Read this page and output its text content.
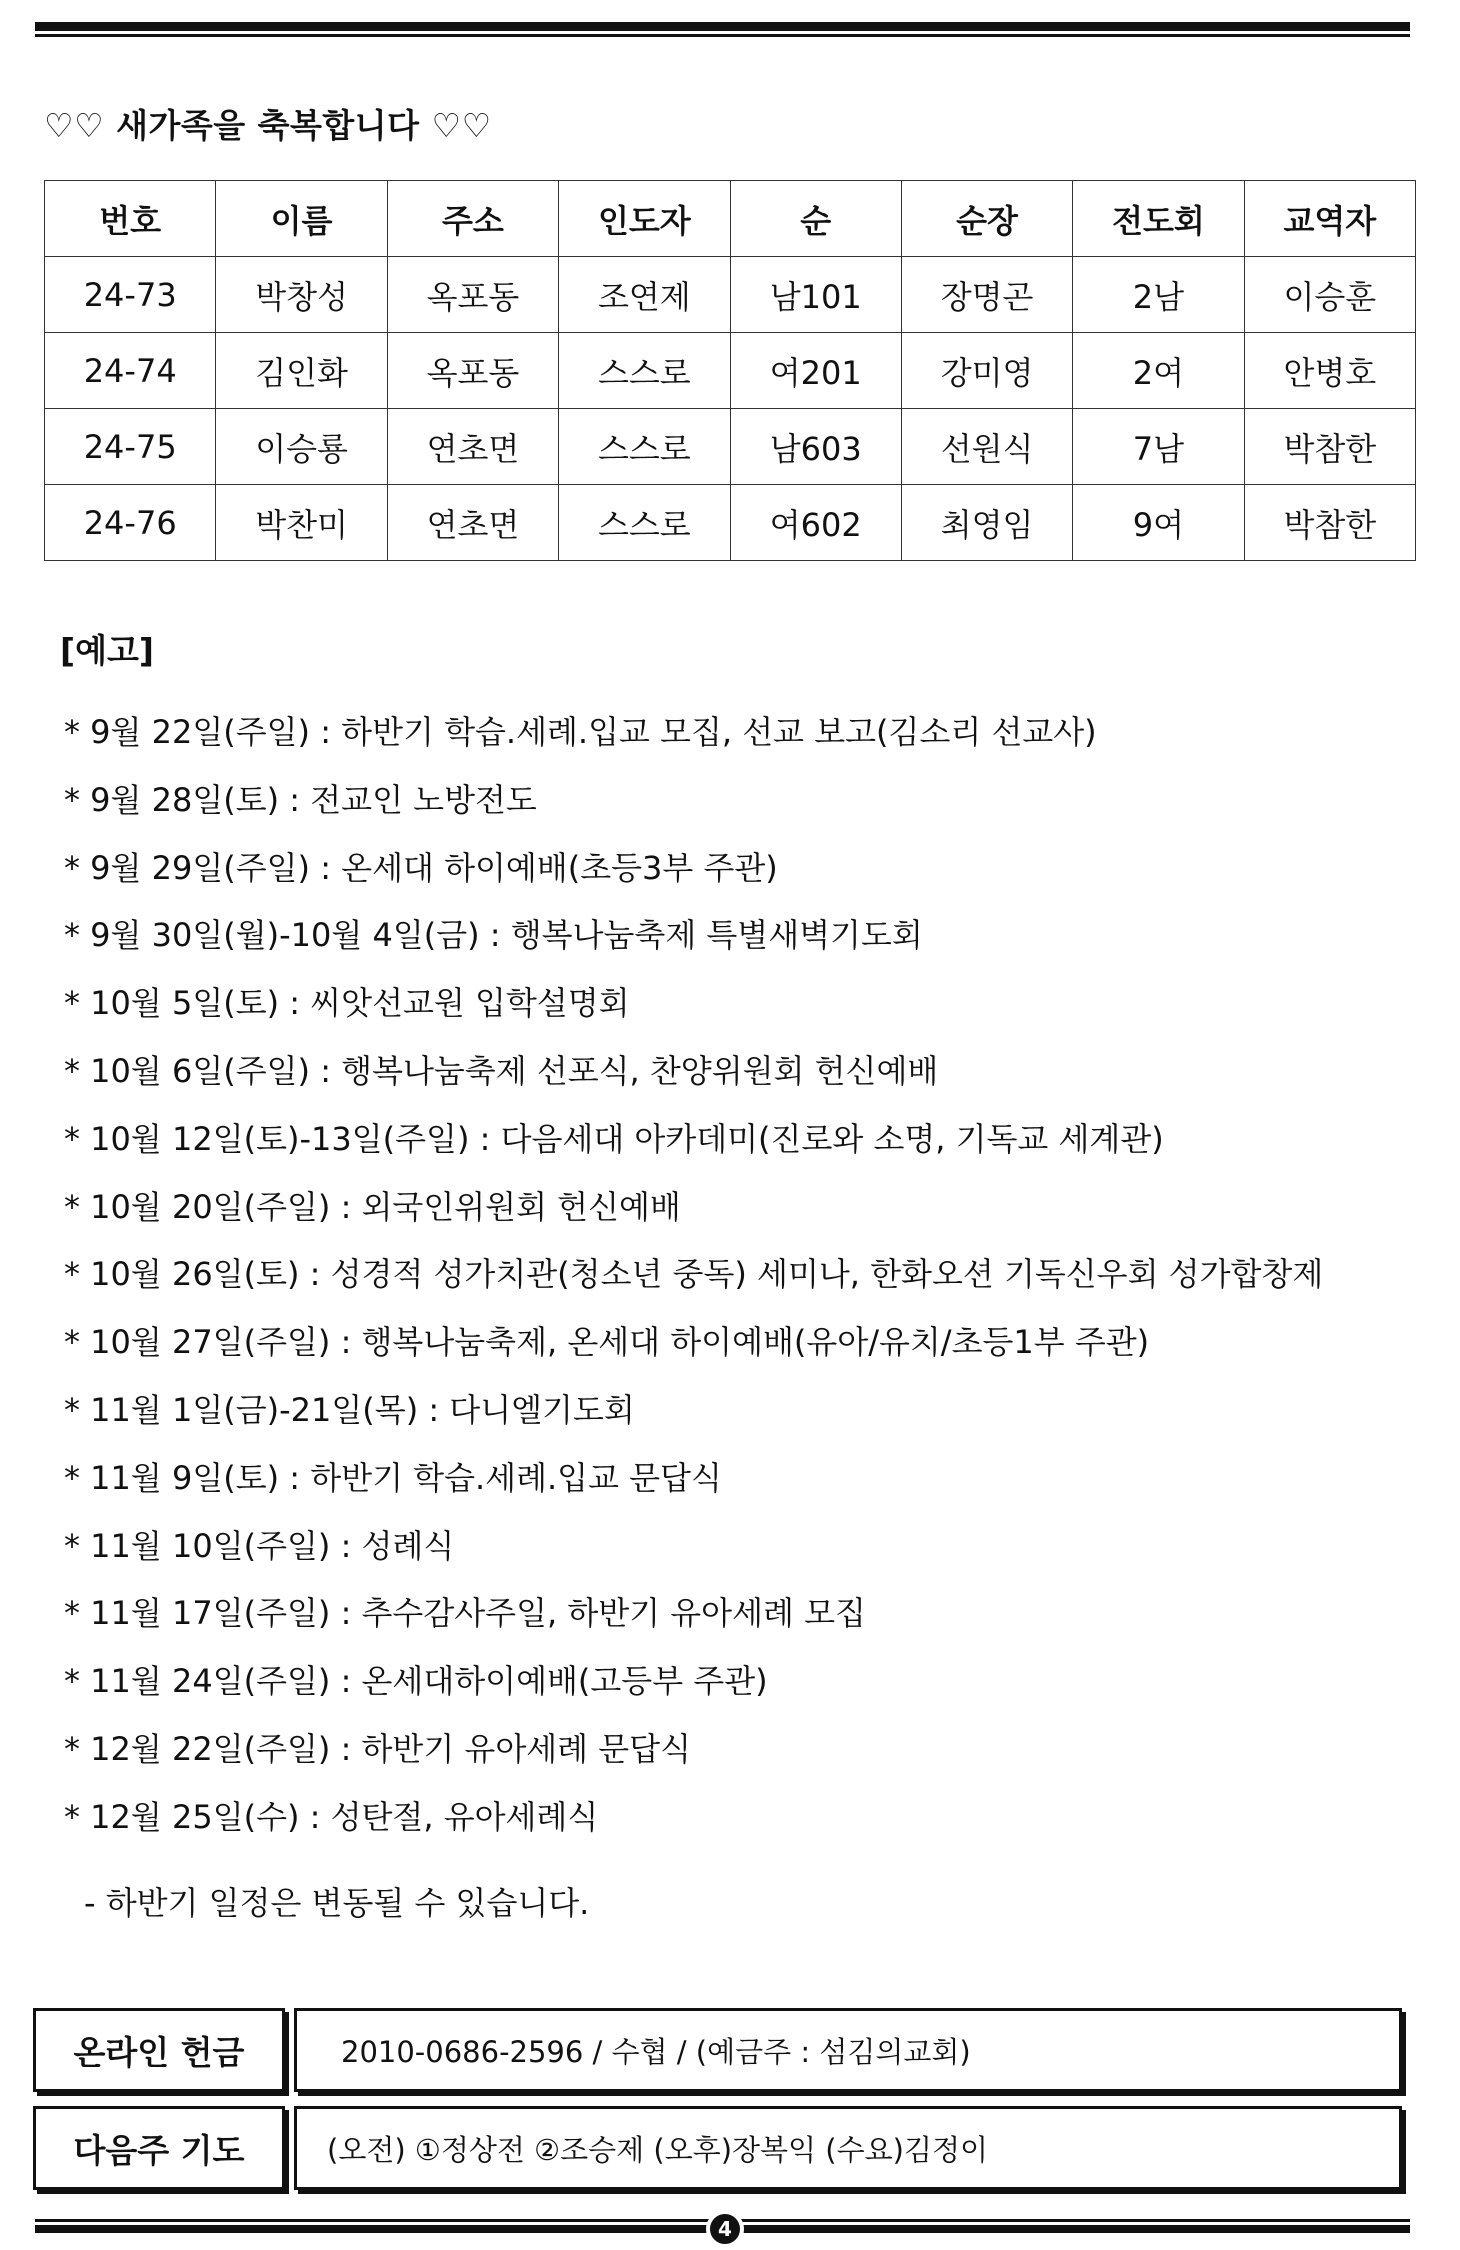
♡♡ 새가족을 축복합니다 ♡♡
번호	이름	주소	인도자	순	순장	전도회	교역자
24-73	박창성	옥포동	조연제	남101	장명곤	2남	이승훈
24-74	김인화	옥포동	스스로	여201	강미영	2여	안병호
24-75	이승룡	연초면	스스로	남603	선원식	7남	박참한
24-76	박찬미	연초면	스스로	여602	최영임	9여	박참한
[예고]
* 9월 22일(주일) : 하반기 학습.세례.입교 모집, 선교 보고(김소리 선교사)
* 9월 28일(토) : 전교인 노방전도
* 9월 29일(주일) : 온세대 하이예배(초등3부 주관)
* 9월 30일(월)-10월 4일(금) : 행복나눔축제 특별새벽기도회
* 10월 5일(토) : 씨앗선교원 입학설명회
* 10월 6일(주일) : 행복나눔축제 선포식, 찬양위원회 헌신예배
* 10월 12일(토)-13일(주일) : 다음세대 아카데미(진로와 소명, 기독교 세계관)
* 10월 20일(주일) : 외국인위원회 헌신예배
* 10월 26일(토) : 성경적 성가치관(청소년 중독) 세미나, 한화오션 기독신우회 성가합창제
* 10월 27일(주일) : 행복나눔축제, 온세대 하이예배(유아/유치/초등1부 주관)
* 11월 1일(금)-21일(목) : 다니엘기도회
* 11월 9일(토) : 하반기 학습.세례.입교 문답식
* 11월 10일(주일) : 성례식
* 11월 17일(주일) : 추수감사주일, 하반기 유아세례 모집
* 11월 24일(주일) : 온세대하이예배(고등부 주관)
* 12월 22일(주일) : 하반기 유아세례 문답식
* 12월 25일(수) : 성탄절, 유아세례식
- 하반기 일정은 변동될 수 있습니다.
온라인 헌금	2010-0686-2596 / 수협 / (예금주 : 섬김의교회)
다음주 기도	(오전) ①정상전 ②조승제 (오후)장복익 (수요)김정이
4
